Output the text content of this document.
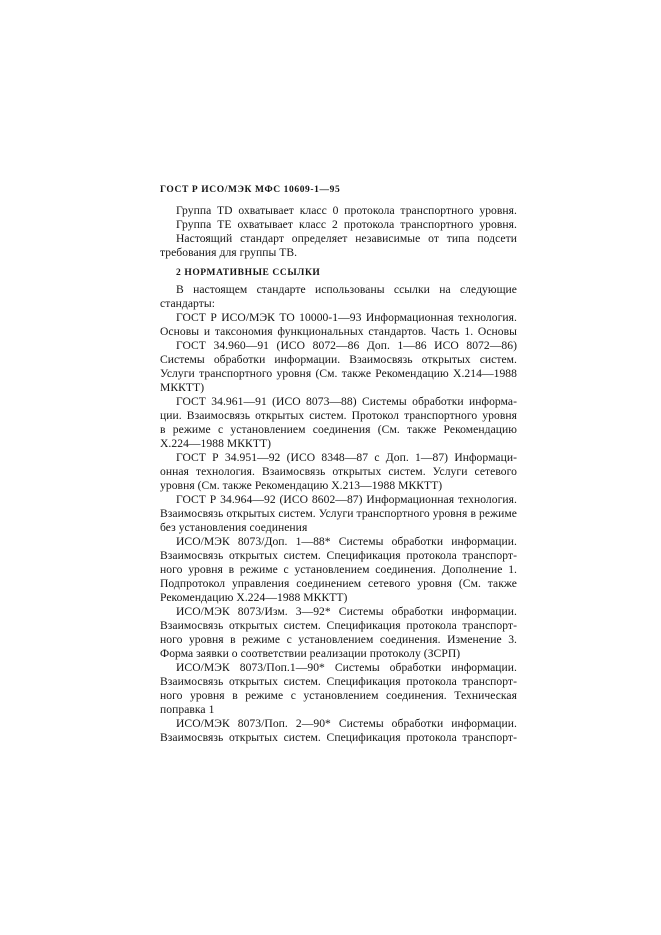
ГОСТ Р ИСО/МЭК МФС 10609-1—95
Группа TD охватывает класс 0 протокола транспортного уровня.
Группа ТЕ охватывает класс 2 протокола транспортного уровня.
Настоящий стандарт определяет независимые от типа подсети
требования для группы ТВ.
2 НОРМАТИВНЫЕ ССЫЛКИ
В настоящем стандарте использованы ссылки на следующие
стандарты:
ГОСТ Р ИСО/МЭК ТО 10000-1—93 Информационная технология.
Основы и таксономия функциональных стандартов. Часть 1. Основы
ГОСТ 34.960—91 (ИСО 8072—86 Доп. 1—86 ИСО 8072—86)
Системы обработки информации. Взаимосвязь открытых систем.
Услуги транспортного уровня (См. также Рекомендацию Х.214—1988
МККТТ)
ГОСТ 34.961—91 (ИСО 8073—88) Системы обработки информа-
ции. Взаимосвязь открытых систем. Протокол транспортного уровня
в режиме с установлением соединения (См. также Рекомендацию
Х.224—1988 МККТТ)
ГОСТ Р 34.951—92 (ИСО 8348—87 с Доп. 1—87) Информаци-
онная технология. Взаимосвязь открытых систем. Услуги сетевого
уровня (См. также Рекомендацию Х.213—1988 МККТТ)
ГОСТ Р 34.964—92 (ИСО 8602—87) Информационная технология.
Взаимосвязь открытых систем. Услуги транспортного уровня в режиме
без установления соединения
ИСО/МЭК 8073/Доп. 1—88* Системы обработки информации.
Взаимосвязь открытых систем. Спецификация протокола транспорт-
ного уровня в режиме с установлением соединения. Дополнение 1.
Подпротокол управления соединением сетевого уровня (См. также
Рекомендацию Х.224—1988 МККТТ)
ИСО/МЭК 8073/Изм. 3—92* Системы обработки информации.
Взаимосвязь открытых систем. Спецификация протокола транспорт-
ного уровня в режиме с установлением соединения. Изменение 3.
Форма заявки о соответствии реализации протоколу (ЗСРП)
ИСО/МЭК 8073/Поп.1—90* Системы обработки информации.
Взаимосвязь открытых систем. Спецификация протокола транспорт-
ного уровня в режиме с установлением соединения. Техническая
поправка 1
ИСО/МЭК 8073/Поп. 2—90* Системы обработки информации.
Взаимосвязь открытых систем. Спецификация протокола транспорт-
